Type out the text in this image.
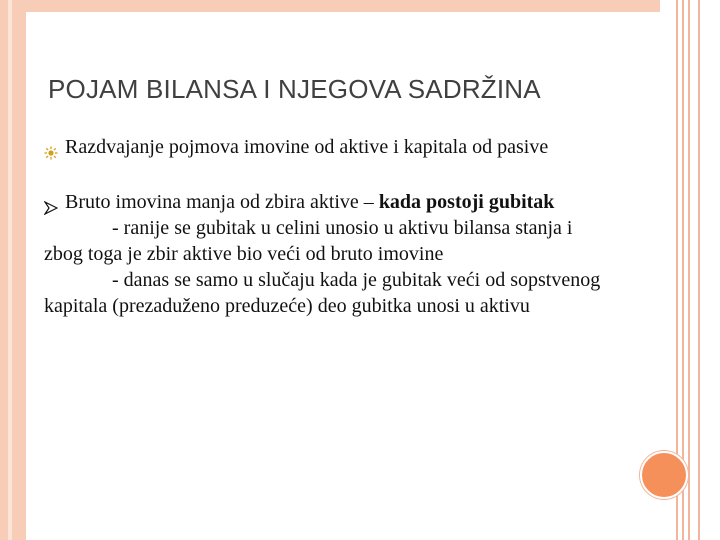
POJAM BILANSA I NJEGOVA SADRŽINA
Razdvajanje pojmova imovine od aktive i kapitala od pasive
Bruto imovina manja od zbira aktive – kada postoji gubitak
- ranije se gubitak u celini unosio u aktivu bilansa stanja i zbog toga je zbir aktive bio veći od bruto imovine
- danas se samo u slučaju kada je gubitak veći od sopstvenog kapitala (prezaduženo preduzeće) deo gubitka unosi u aktivu
